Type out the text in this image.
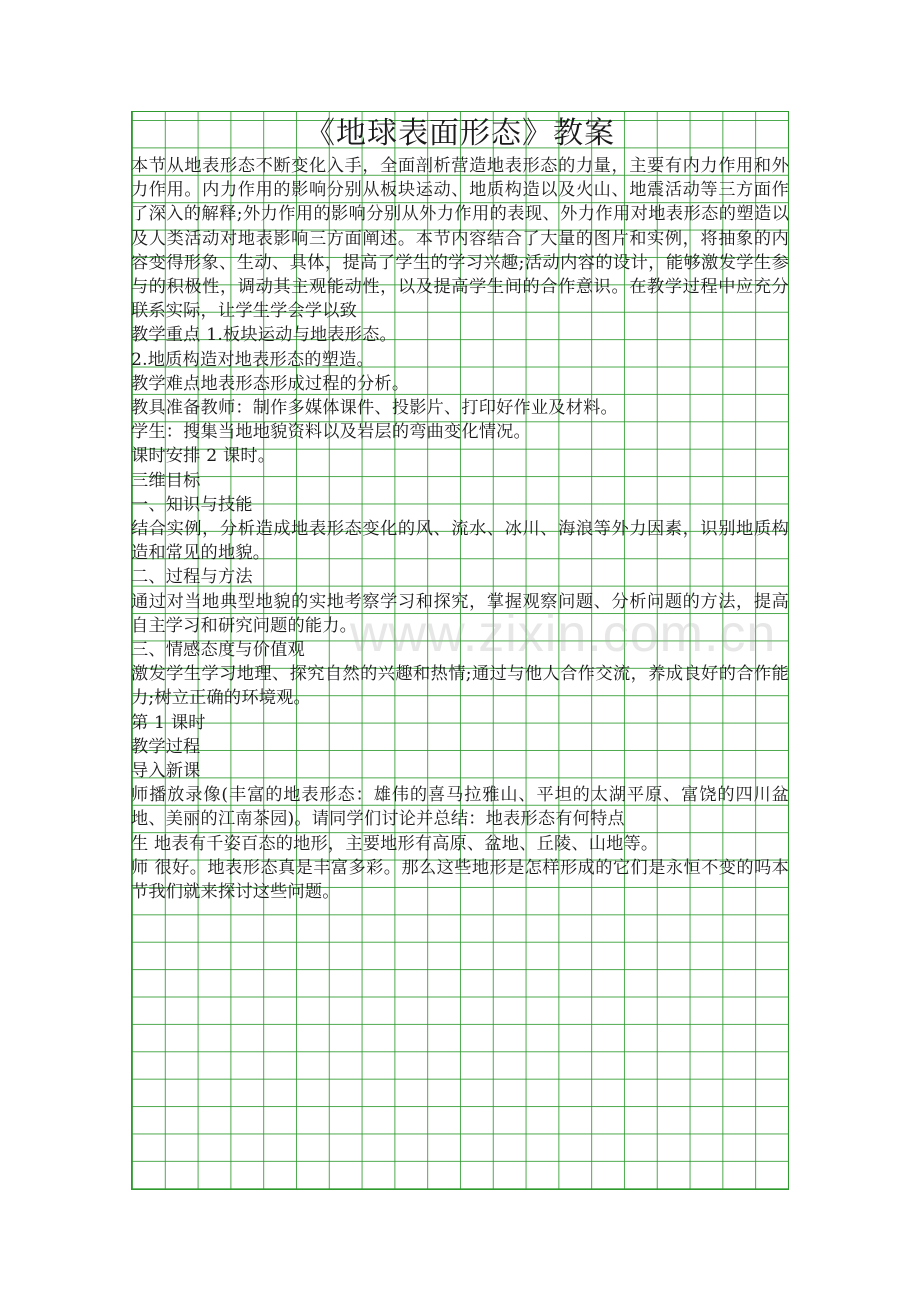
www.zixin.com.cn
《地球表面形态》教案

本节从地表形态不断变化入手，全面剖析营造地表形态的力量，主要有内力作用和外力作用。内力作用的影响分别从板块运动、地质构造以及火山、地震活动等三方面作了深入的解释;外力作用的影响分别从外力作用的表现、外力作用对地表形态的塑造以及人类活动对地表影响三方面阐述。本节内容结合了大量的图片和实例，将抽象的内容变得形象、生动、具体，提高了学生的学习兴趣;活动内容的设计，能够激发学生参与的积极性，调动其主观能动性，以及提高学生间的合作意识。在教学过程中应充分联系实际，让学生学会学以致

教学重点 1.板块运动与地表形态。

2.地质构造对地表形态的塑造。

教学难点地表形态形成过程的分析。

教具准备教师：制作多媒体课件、投影片、打印好作业及材料。

学生：搜集当地地貌资料以及岩层的弯曲变化情况。

课时安排 2 课时。

三维目标

一、知识与技能

结合实例，分析造成地表形态变化的风、流水、冰川、海浪等外力因素，识别地质构造和常见的地貌。

二、过程与方法

通过对当地典型地貌的实地考察学习和探究，掌握观察问题、分析问题的方法，提高自主学习和研究问题的能力。

三、情感态度与价值观

激发学生学习地理、探究自然的兴趣和热情;通过与他人合作交流，养成良好的合作能力;树立正确的环境观。

第 1 课时

教学过程

导入新课

师播放录像(丰富的地表形态：雄伟的喜马拉雅山、平坦的太湖平原、富饶的四川盆地、美丽的江南茶园)。请同学们讨论并总结：地表形态有何特点

生 地表有千姿百态的地形，主要地形有高原、盆地、丘陵、山地等。

师 很好。地表形态真是丰富多彩。那么这些地形是怎样形成的它们是永恒不变的吗本节我们就来探讨这些问题。
